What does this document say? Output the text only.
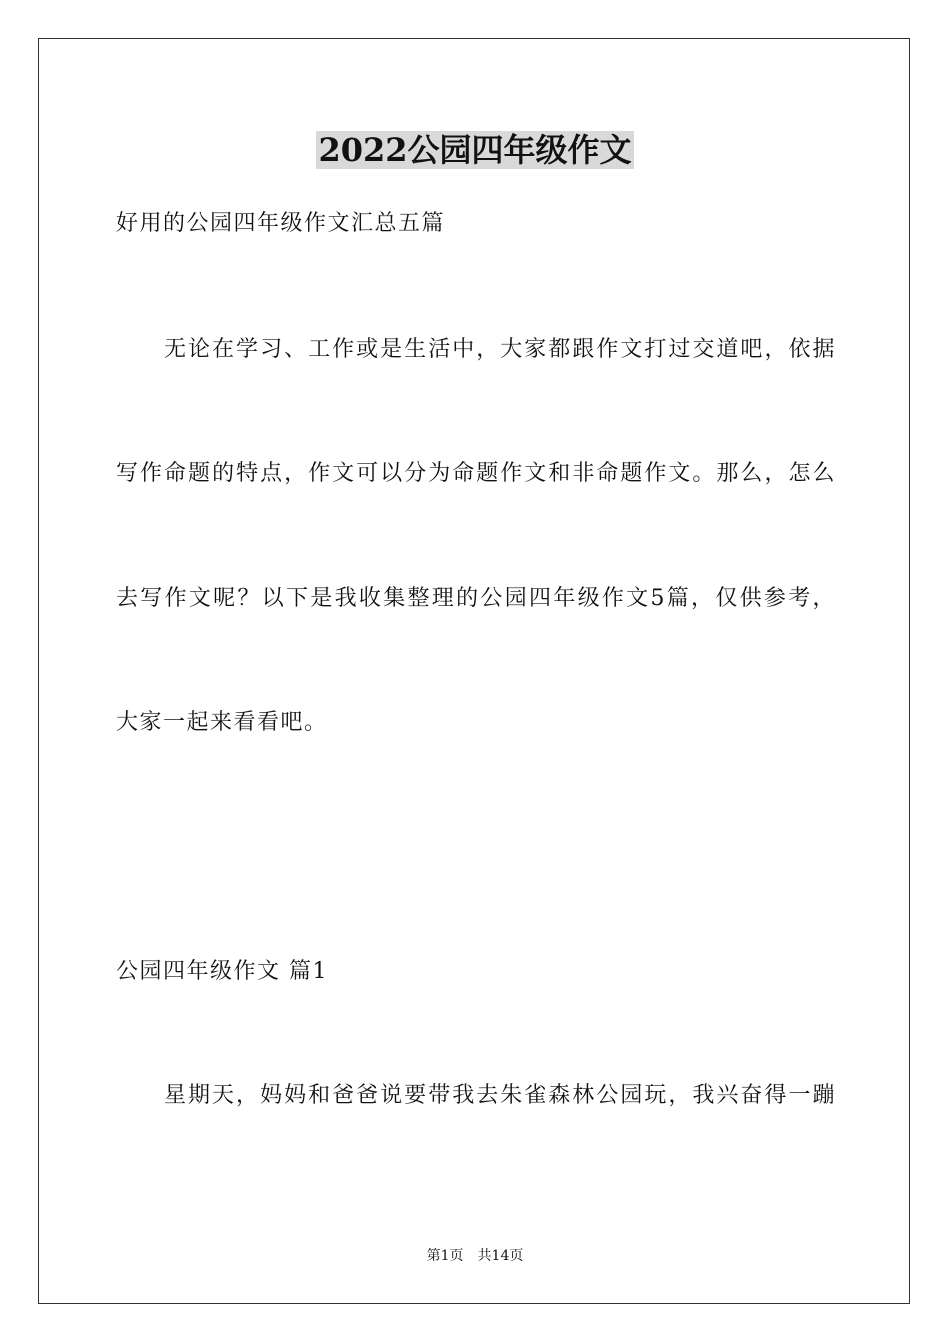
2022公园四年级作文
好用的公园四年级作文汇总五篇
无论在学习、工作或是生活中，大家都跟作文打过交道吧，依据
写作命题的特点，作文可以分为命题作文和非命题作文。那么，怎么
去写作文呢？以下是我收集整理的公园四年级作文5篇，仅供参考，
大家一起来看看吧。
公园四年级作文 篇1
星期天，妈妈和爸爸说要带我去朱雀森林公园玩，我兴奋得一蹦
第1页 共14页
